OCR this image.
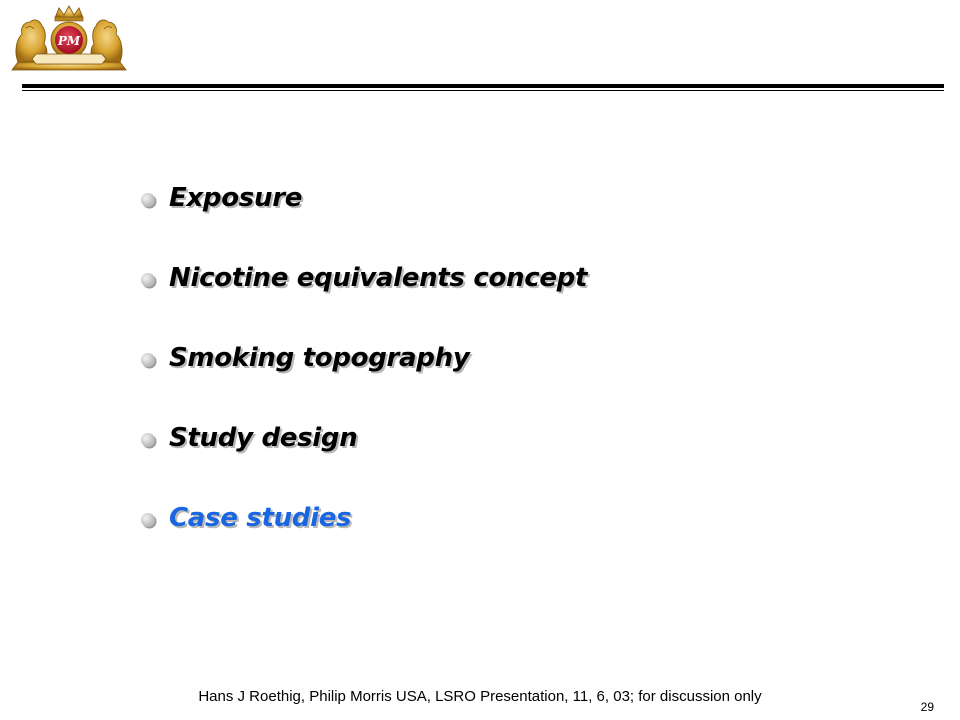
PM
Exposure
Nicotine equivalents concept
Smoking topography
Study design
Case studies
Hans J Roethig, Philip Morris USA, LSRO Presentation, 11, 6, 03; for discussion only
29
